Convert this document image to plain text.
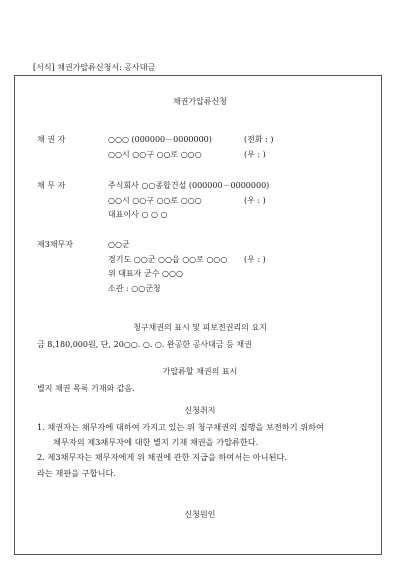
[서식] 채권가압류신청서: 공사대금
채권가압류신청
채 권 자	○○○ (000000－0000000)	(전화 : )
○○시 ○○구 ○○로 ○○○	(우 : )
채 무 자	주식회사 ○○종합건설 (000000－0000000)
○○시 ○○구 ○○로 ○○○	(우 : )
대표이사 ○ ○ ○
제3채무자	○○군
경기도 ○○군 ○○읍 ○○로 ○○○ (우 : )
위 대표자 군수 ○○○
소관 : ○○군청
청구채권의 표시 및 피보전권리의 요지
금 8,180,000원, 단, 20○○. ○. ○. 완공한 공사대금 등 채권
가압류할 채권의 표시
별지 채권 목록 기재와 같음.
신청취지
1. 채권자는 채무자에 대하여 가지고 있는 위 청구채권의 집행을 보전하기 위하여
채무자의 제3채무자에 대한 별지 기재 채권을 가압류한다.
2. 제3채무자는 채무자에게 위 채권에 관한 지급을 하여서는 아니된다.
라는 재판을 구합니다.
신청원인
